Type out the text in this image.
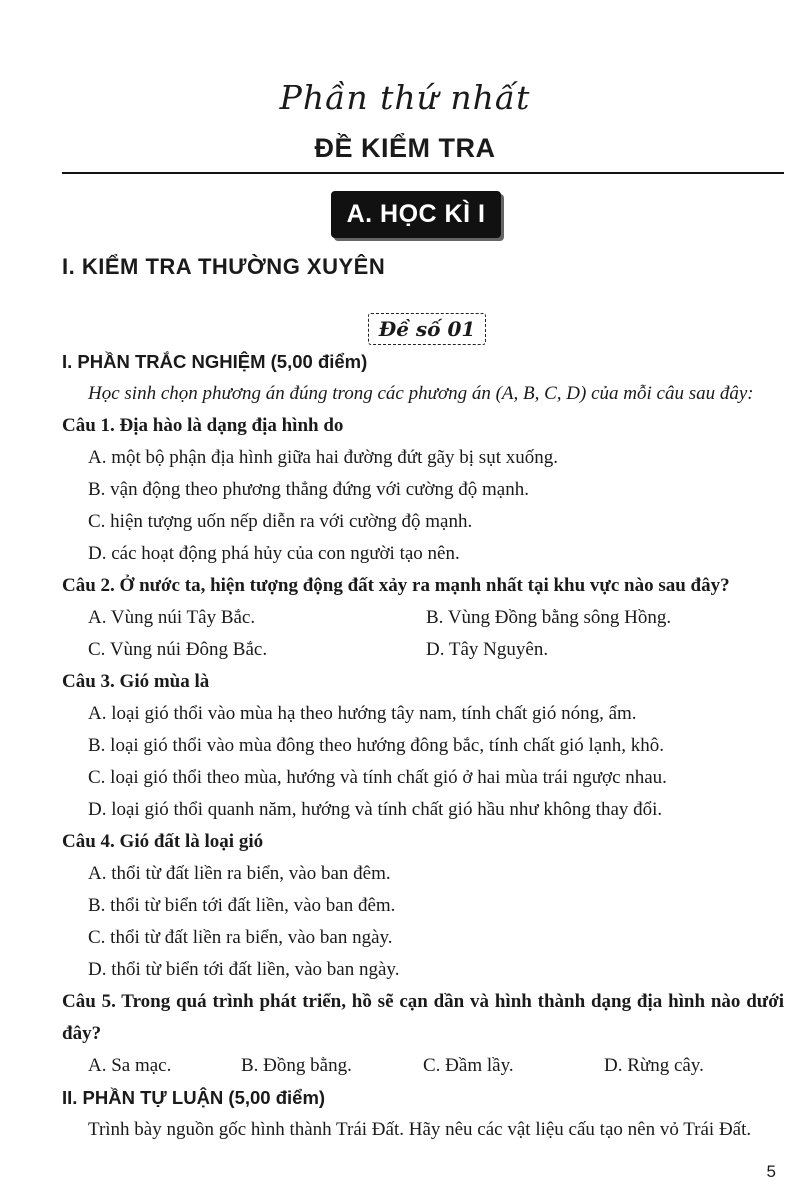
Phần thứ nhất
ĐỀ KIỂM TRA
A. HỌC KÌ I
I. KIỂM TRA THƯỜNG XUYÊN
Đề số 01
I. PHẦN TRẮC NGHIỆM (5,00 điểm)
Học sinh chọn phương án đúng trong các phương án (A, B, C, D) của mỗi câu sau đây:
Câu 1. Địa hào là dạng địa hình do
A. một bộ phận địa hình giữa hai đường đứt gãy bị sụt xuống.
B. vận động theo phương thẳng đứng với cường độ mạnh.
C. hiện tượng uốn nếp diễn ra với cường độ mạnh.
D. các hoạt động phá hủy của con người tạo nên.
Câu 2. Ở nước ta, hiện tượng động đất xảy ra mạnh nhất tại khu vực nào sau đây?
A. Vùng núi Tây Bắc.	B. Vùng Đồng bằng sông Hồng.
C. Vùng núi Đông Bắc.	D. Tây Nguyên.
Câu 3. Gió mùa là
A. loại gió thổi vào mùa hạ theo hướng tây nam, tính chất gió nóng, ẩm.
B. loại gió thổi vào mùa đông theo hướng đông bắc, tính chất gió lạnh, khô.
C. loại gió thổi theo mùa, hướng và tính chất gió ở hai mùa trái ngược nhau.
D. loại gió thổi quanh năm, hướng và tính chất gió hầu như không thay đổi.
Câu 4. Gió đất là loại gió
A. thổi từ đất liền ra biển, vào ban đêm.
B. thổi từ biển tới đất liền, vào ban đêm.
C. thổi từ đất liền ra biển, vào ban ngày.
D. thổi từ biển tới đất liền, vào ban ngày.
Câu 5. Trong quá trình phát triển, hồ sẽ cạn dần và hình thành dạng địa hình nào dưới đây?
A. Sa mạc.	B. Đồng bằng.	C. Đầm lầy.	D. Rừng cây.
II. PHẦN TỰ LUẬN (5,00 điểm)
Trình bày nguồn gốc hình thành Trái Đất. Hãy nêu các vật liệu cấu tạo nên vỏ Trái Đất.
5
